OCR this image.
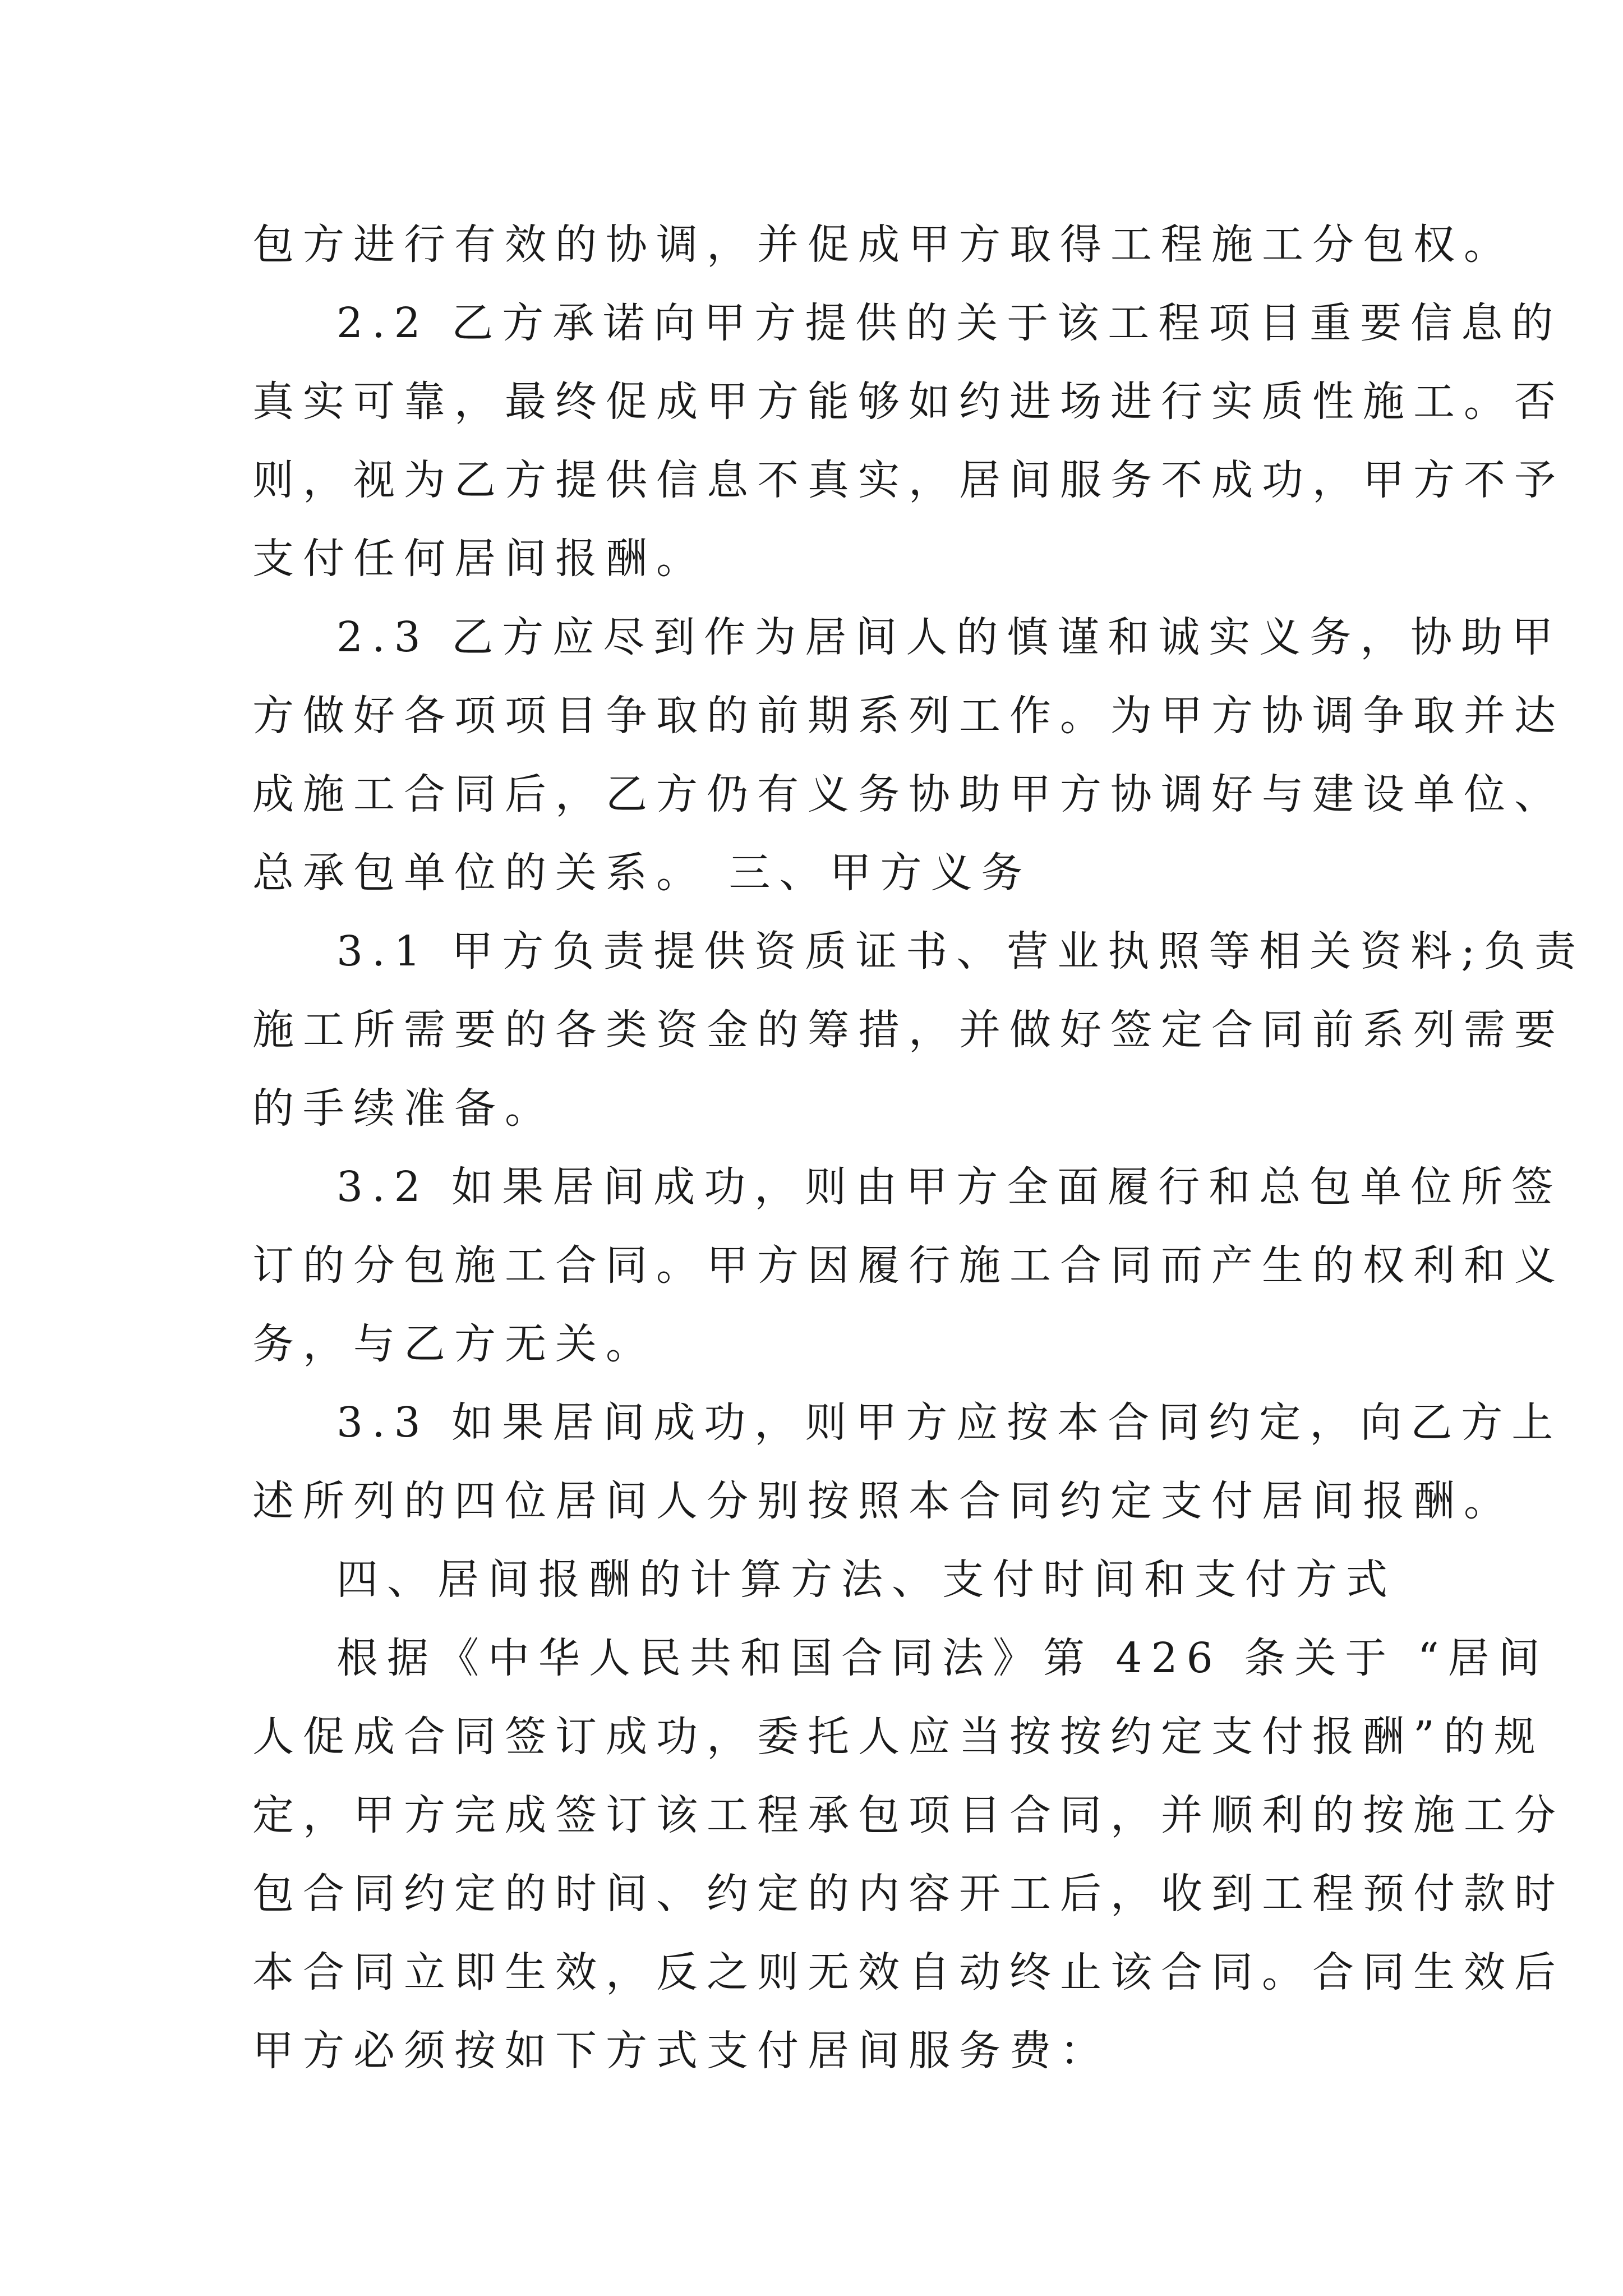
包方进行有效的协调，并促成甲方取得工程施工分包权。
2.2 乙方承诺向甲方提供的关于该工程项目重要信息的
真实可靠，最终促成甲方能够如约进场进行实质性施工。否
则，视为乙方提供信息不真实，居间服务不成功，甲方不予
支付任何居间报酬。
2.3 乙方应尽到作为居间人的慎谨和诚实义务，协助甲
方做好各项项目争取的前期系列工作。为甲方协调争取并达
成施工合同后，乙方仍有义务协助甲方协调好与建设单位、
总承包单位的关系。 三、甲方义务
3.1 甲方负责提供资质证书、营业执照等相关资料;负责
施工所需要的各类资金的筹措，并做好签定合同前系列需要
的手续准备。
3.2 如果居间成功，则由甲方全面履行和总包单位所签
订的分包施工合同。甲方因履行施工合同而产生的权利和义
务，与乙方无关。
3.3 如果居间成功，则甲方应按本合同约定，向乙方上
述所列的四位居间人分别按照本合同约定支付居间报酬。
四、居间报酬的计算方法、支付时间和支付方式
根据《中华人民共和国合同法》第 426 条关于 “居间
人促成合同签订成功，委托人应当按按约定支付报酬”的规
定，甲方完成签订该工程承包项目合同，并顺利的按施工分
包合同约定的时间、约定的内容开工后，收到工程预付款时
本合同立即生效，反之则无效自动终止该合同。合同生效后
甲方必须按如下方式支付居间服务费：
